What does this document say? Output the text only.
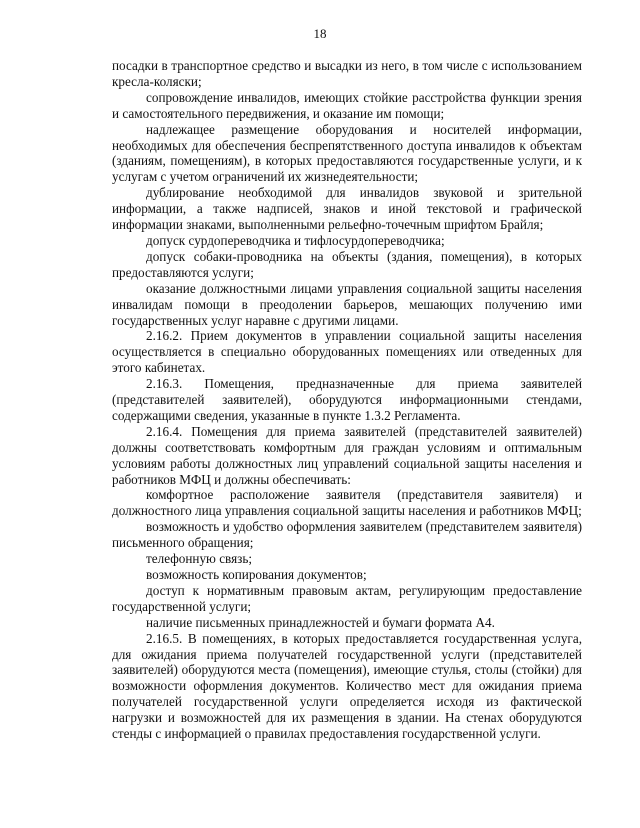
18

посадки в транспортное средство и высадки из него, в том числе с использованием кресла-коляски;

сопровождение инвалидов, имеющих стойкие расстройства функции зрения и самостоятельного передвижения, и оказание им помощи;

надлежащее размещение оборудования и носителей информации, необходимых для обеспечения беспрепятственного доступа инвалидов к объектам (зданиям, помещениям), в которых предоставляются государственные услуги, и к услугам с учетом ограничений их жизнедеятельности;

дублирование необходимой для инвалидов звуковой и зрительной информации, а также надписей, знаков и иной текстовой и графической информации знаками, выполненными рельефно-точечным шрифтом Брайля;

допуск сурдопереводчика и тифлосурдопереводчика;

допуск собаки-проводника на объекты (здания, помещения), в которых предоставляются услуги;

оказание должностными лицами управления социальной защиты населения инвалидам помощи в преодолении барьеров, мешающих получению ими государственных услуг наравне с другими лицами.

2.16.2. Прием документов в управлении социальной защиты населения осуществляется в специально оборудованных помещениях или отведенных для этого кабинетах.

2.16.3. Помещения, предназначенные для приема заявителей (представителей заявителей), оборудуются информационными стендами, содержащими сведения, указанные в пункте 1.3.2 Регламента.

2.16.4. Помещения для приема заявителей (представителей заявителей) должны соответствовать комфортным для граждан условиям и оптимальным условиям работы должностных лиц управлений социальной защиты населения и работников МФЦ и должны обеспечивать:

комфортное расположение заявителя (представителя заявителя) и должностного лица управления социальной защиты населения и работников МФЦ;

возможность и удобство оформления заявителем (представителем заявителя) письменного обращения;

телефонную связь;

возможность копирования документов;

доступ к нормативным правовым актам, регулирующим предоставление государственной услуги;

наличие письменных принадлежностей и бумаги формата А4.

2.16.5. В помещениях, в которых предоставляется государственная услуга, для ожидания приема получателей государственной услуги (представителей заявителей) оборудуются места (помещения), имеющие стулья, столы (стойки) для возможности оформления документов. Количество мест для ожидания приема получателей государственной услуги определяется исходя из фактической нагрузки и возможностей для их размещения в здании. На стенах оборудуются стенды с информацией о правилах предоставления государственной услуги.
